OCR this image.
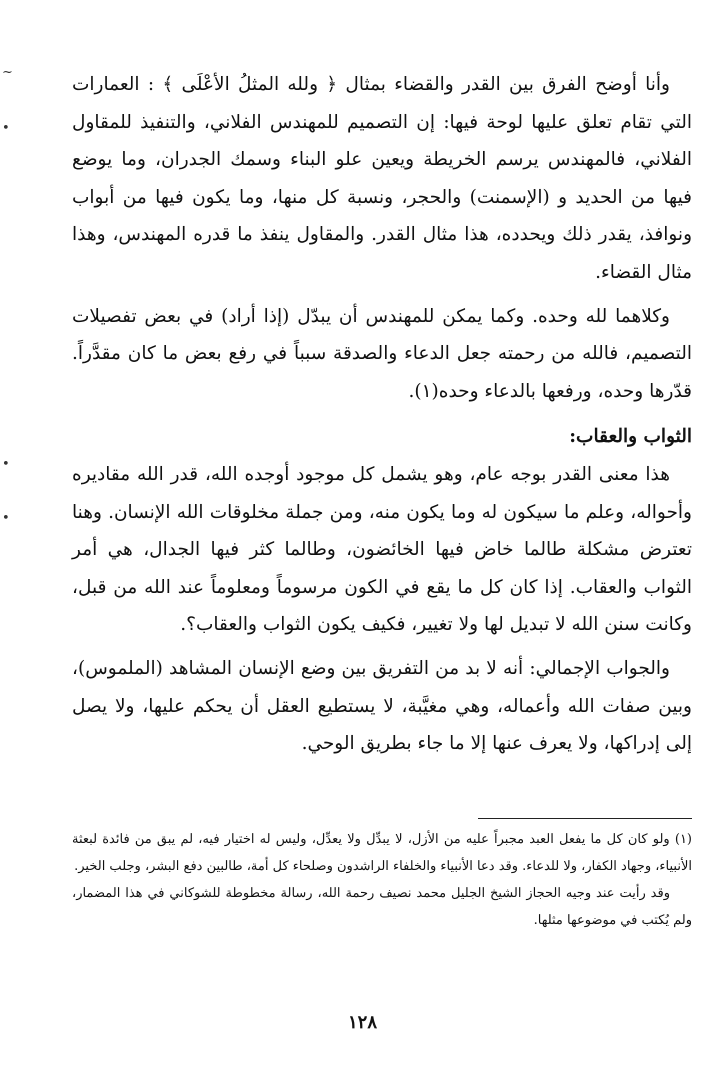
~
•
•
•

وأنا أوضح الفرق بين القدر والقضاء بمثال ﴿ ولله المثلُ الأعْلَى ﴾ : العمارات التي تقام تعلق عليها لوحة فيها: إن التصميم للمهندس الفلاني، والتنفيذ للمقاول الفلاني، فالمهندس يرسم الخريطة ويعين علو البناء وسمك الجدران، وما يوضع فيها من الحديد و (الإسمنت) والحجر، ونسبة كل منها، وما يكون فيها من أبواب ونوافذ، يقدر ذلك ويحدده، هذا مثال القدر. والمقاول ينفذ ما قدره المهندس، وهذا مثال القضاء.

وكلاهما لله وحده. وكما يمكن للمهندس أن يبدّل (إذا أراد) في بعض تفصيلات التصميم، فالله من رحمته جعل الدعاء والصدقة سبباً في رفع بعض ما كان مقدَّراً. قدّرها وحده، ورفعها بالدعاء وحده(١).

الثواب والعقاب:

هذا معنى القدر بوجه عام، وهو يشمل كل موجود أوجده الله، قدر الله مقاديره وأحواله، وعلم ما سيكون له وما يكون منه، ومن جملة مخلوقات الله الإنسان. وهنا تعترض مشكلة طالما خاض فيها الخائضون، وطالما كثر فيها الجدال، هي أمر الثواب والعقاب. إذا كان كل ما يقع في الكون مرسوماً ومعلوماً عند الله من قبل، وكانت سنن الله لا تبديل لها ولا تغيير، فكيف يكون الثواب والعقاب؟.

والجواب الإجمالي: أنه لا بد من التفريق بين وضع الإنسان المشاهد (الملموس)، وبين صفات الله وأعماله، وهي مغيَّبة، لا يستطيع العقل أن يحكم عليها، ولا يصل إلى إدراكها، ولا يعرف عنها إلا ما جاء بطريق الوحي.

(١) ولو كان كل ما يفعل العبد مجبراً عليه من الأزل، لا يبدِّل ولا يعدِّل، وليس له اختيار فيه، لم يبق من فائدة لبعثة الأنبياء، وجهاد الكفار، ولا للدعاء. وقد دعا الأنبياء والخلفاء الراشدون وصلحاء كل أمة، طالبين دفع البشر، وجلب الخير.

وقد رأيت عند وجيه الحجاز الشيخ الجليل محمد نصيف رحمة الله، رسالة مخطوطة للشوكاني في هذا المضمار، ولم يُكتب في موضوعها مثلها.

١٢٨
